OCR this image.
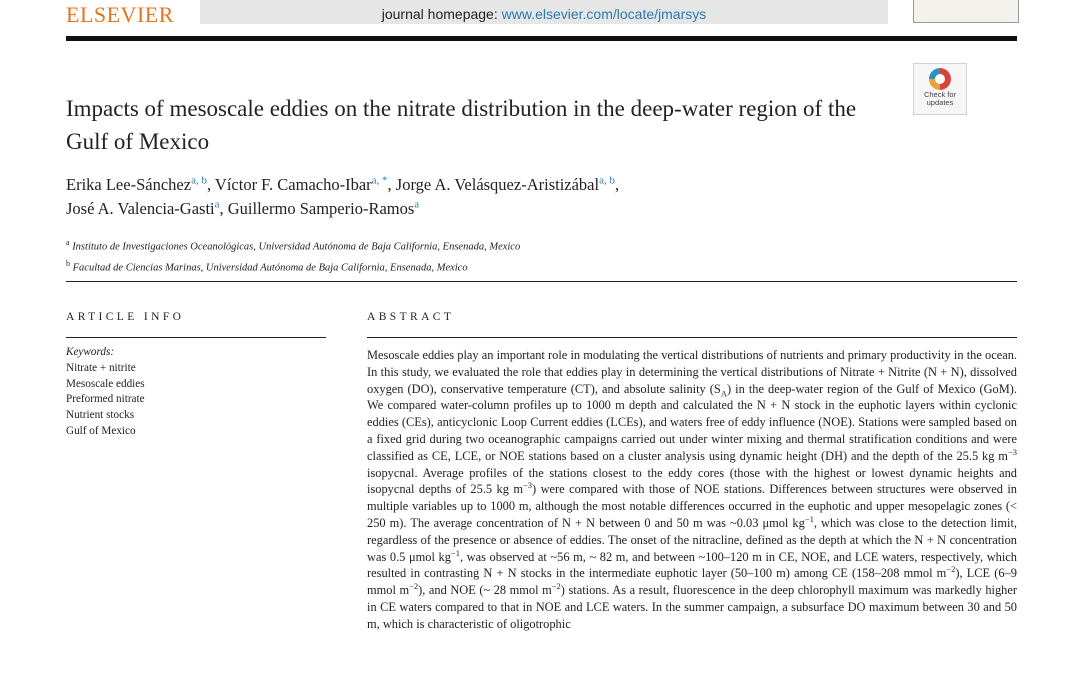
ELSEVIER	journal homepage: www.elsevier.com/locate/jmarsys
Check for
updates
Impacts of mesoscale eddies on the nitrate distribution in the deep-water region of the Gulf of Mexico
Erika Lee-Sánchez$^{a, b}$, Víctor F. Camacho-Ibar$^{a, *}$, Jorge A. Velásquez-Aristizábal$^{a, b}$,
José A. Valencia-Gasti$^a$, Guillermo Samperio-Ramos$^a$
$^a$ Instituto de Investigaciones Oceanológicas, Universidad Autónoma de Baja California, Ensenada, Mexico
$^b$ Facultad de Ciencias Marinas, Universidad Autónoma de Baja California, Ensenada, Mexico
ARTICLE INFO	ABSTRACT
Keywords:
Nitrate + nitrite
Mesoscale eddies
Preformed nitrate
Nutrient stocks
Gulf of Mexico

Mesoscale eddies play an important role in modulating the vertical distributions of nutrients and primary productivity in the ocean. In this study, we evaluated the role that eddies play in determining the vertical distributions of Nitrate + Nitrite (N + N), dissolved oxygen (DO), conservative temperature (CT), and absolute salinity $(S_A)$ in the deep-water region of the Gulf of Mexico (GoM). We compared water-column profiles up to 1000 m depth and calculated the N + N stock in the euphotic layers within cyclonic eddies (CEs), anticyclonic Loop Current eddies (LCEs), and waters free of eddy influence (NOE). Stations were sampled based on a fixed grid during two oceanographic campaigns carried out under winter mixing and thermal stratification conditions and were classified as CE, LCE, or NOE stations based on a cluster analysis using dynamic height (DH) and the depth of the 25.5 kg $m^{-3}$ isopycnal. Average profiles of the stations closest to the eddy cores (those with the highest or lowest dynamic heights and isopycnal depths of 25.5 kg $m^{-3}$) were compared with those of NOE stations. Differences between structures were observed in multiple variables up to 1000 m, although the most notable differences occurred in the euphotic and upper mesopelagic zones (< 250 m). The average concentration of N + N between 0 and 50 m was ~0.03 μmol $kg^{-1}$, which was close to the detection limit, regardless of the presence or absence of eddies. The onset of the nitracline, defined as the depth at which the N + N concentration was 0.5 μmol $kg^{-1}$, was observed at ~56 m, ~ 82 m, and between ~100–120 m in CE, NOE, and LCE waters, respectively, which resulted in contrasting N + N stocks in the intermediate euphotic layer (50–100 m) among CE (158–208 mmol $m^{-2}$), LCE (6–9 mmol $m^{-2}$), and NOE (~ 28 mmol $m^{-2}$) stations. As a result, fluorescence in the deep chlorophyll maximum was markedly higher in CE waters compared to that in NOE and LCE waters. In the summer campaign, a subsurface DO maximum between 30 and 50 m, which is characteristic of oligotrophic
